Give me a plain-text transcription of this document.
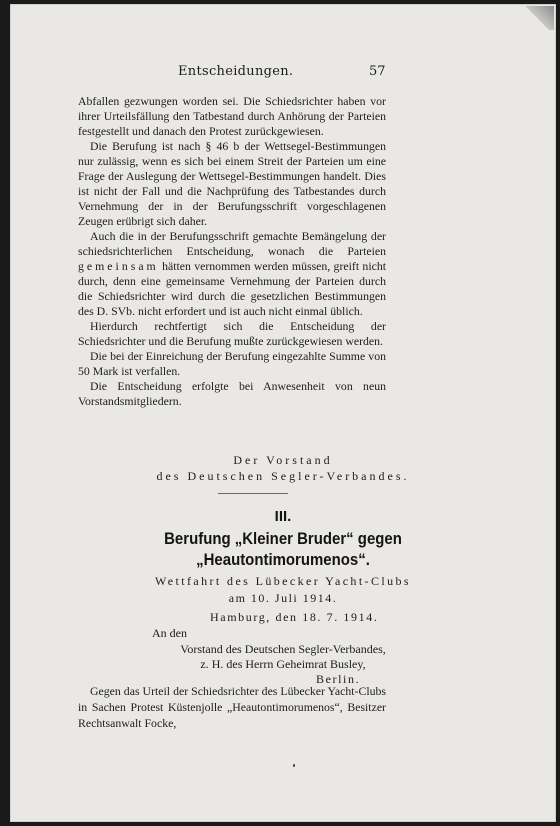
Entscheidungen.	57

Abfallen gezwungen worden sei. Die Schiedsrichter haben vor ihrer Urteilsfällung den Tatbestand durch Anhörung der Parteien festgestellt und danach den Protest zurückgewiesen.

Die Berufung ist nach § 46 b der Wettsegel-Bestimmungen nur zulässig, wenn es sich bei einem Streit der Parteien um eine Frage der Auslegung der Wettsegel-Bestimmungen handelt. Dies ist nicht der Fall und die Nachprüfung des Tatbestandes durch Vernehmung der in der Berufungsschrift vorgeschlagenen Zeugen erübrigt sich daher.

Auch die in der Berufungsschrift gemachte Bemängelung der schiedsrichterlichen Entscheidung, wonach die Parteien gemeinsam hätten vernommen werden müssen, greift nicht durch, denn eine gemeinsame Vernehmung der Parteien durch die Schiedsrichter wird durch die gesetzlichen Bestimmungen des D. SVb. nicht erfordert und ist auch nicht einmal üblich.

Hierdurch rechtfertigt sich die Entscheidung der Schiedsrichter und die Berufung mußte zurückgewiesen werden.

Die bei der Einreichung der Berufung eingezahlte Summe von 50 Mark ist verfallen.

Die Entscheidung erfolgte bei Anwesenheit von neun Vorstandsmitgliedern.

Der Vorstand
des Deutschen Segler-Verbandes.
III.
Berufung „Kleiner Bruder“ gegen
„Heautontimorumenos“.
Wettfahrt des Lübecker Yacht-Clubs
am 10. Juli 1914.
Hamburg, den 18. 7. 1914.
An den
Vorstand des Deutschen Segler-Verbandes,
z. H. des Herrn Geheimrat Busley,
Berlin.

Gegen das Urteil der Schiedsrichter des Lübecker Yacht-Clubs in Sachen Protest Küstenjolle „Heautontimorumenos“, Besitzer Rechtsanwalt Focke,
